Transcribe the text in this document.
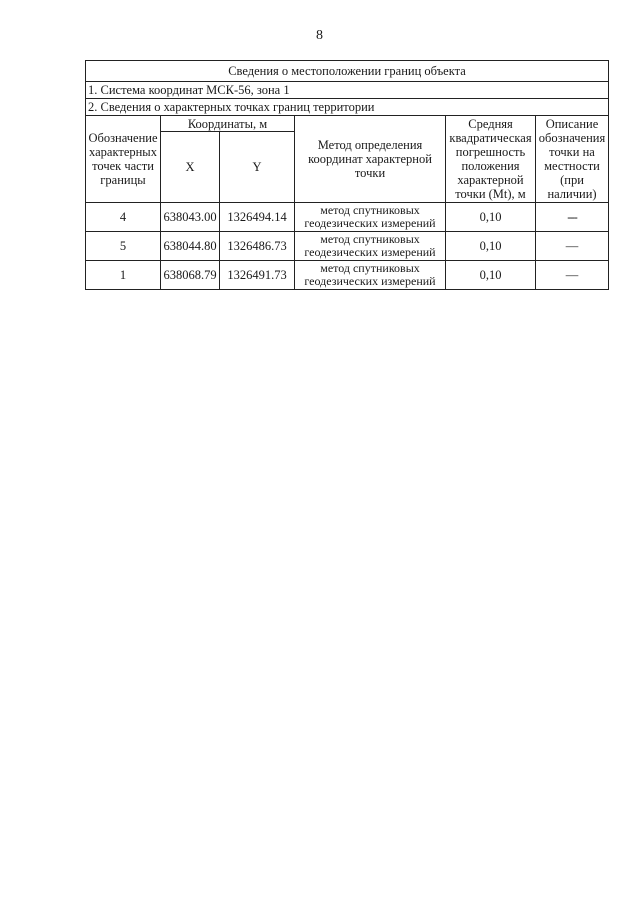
8
Сведения о местоположении границ объекта					
1. Система координат МСК-56, зона 1					
2. Сведения о характерных точках границ территории					
Обозначение характерных точек части границы	Координаты, м		Метод определения координат характерной точки	Средняя квадратическая погрешность положения характерной точки (Mt), м	Описание обозначения точки на местности (при наличии)
	X	Y			
4	638043.00	1326494.14	метод спутниковых геодезических измерений	0,10	---
5	638044.80	1326486.73	метод спутниковых геодезических измерений	0,10	—
1	638068.79	1326491.73	метод спутниковых геодезических измерений	0,10	—
